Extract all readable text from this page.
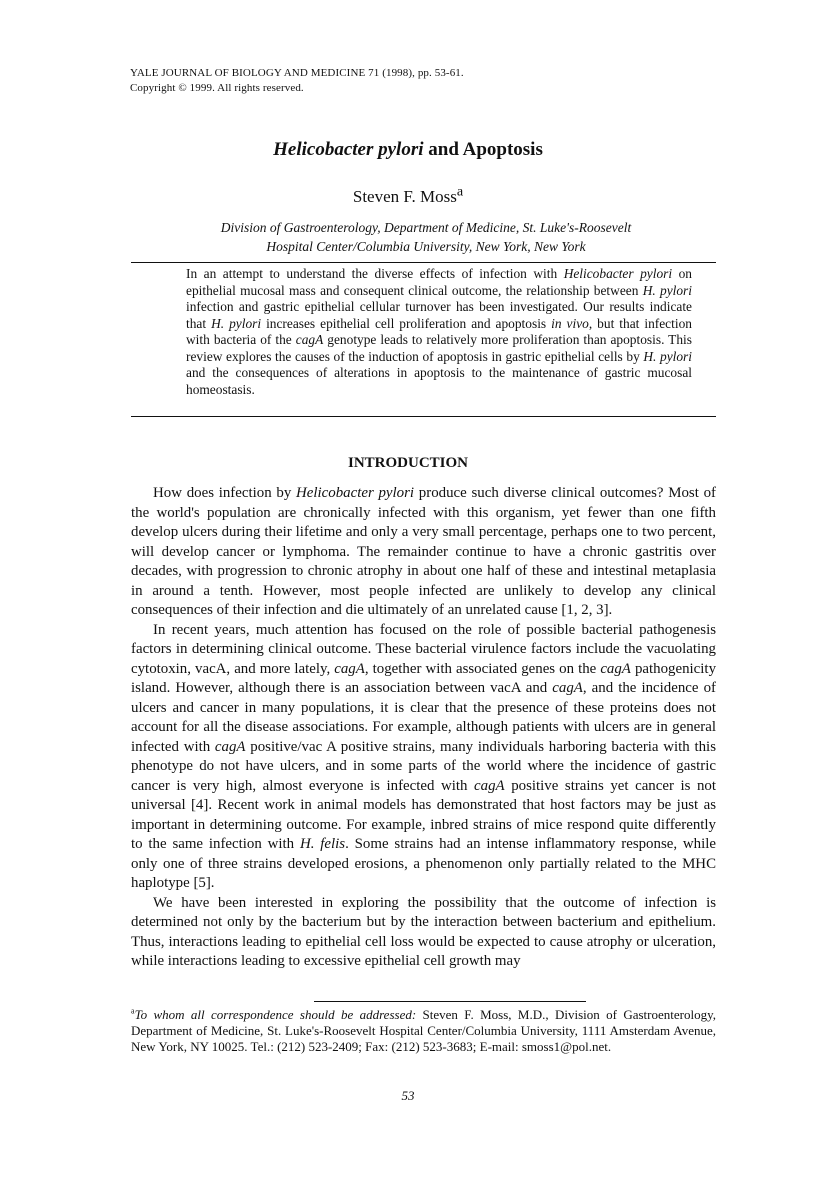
YALE JOURNAL OF BIOLOGY AND MEDICINE 71 (1998), pp. 53-61.
Copyright © 1999. All rights reserved.
Helicobacter pylori and Apoptosis
Steven F. Moss$^a$
Division of Gastroenterology, Department of Medicine, St. Luke's-Roosevelt
Hospital Center/Columbia University, New York, New York
In an attempt to understand the diverse effects of infection with Helicobacter pylori on epithelial mucosal mass and consequent clinical outcome, the relationship between H. pylori infection and gastric epithelial cellular turnover has been investigated. Our results indicate that H. pylori increases epithelial cell proliferation and apoptosis in vivo, but that infection with bacteria of the cagA genotype leads to relatively more proliferation than apoptosis. This review explores the causes of the induction of apoptosis in gastric epithelial cells by H. pylori and the consequences of alterations in apoptosis to the maintenance of gastric mucosal homeostasis.
INTRODUCTION

How does infection by Helicobacter pylori produce such diverse clinical outcomes? Most of the world's population are chronically infected with this organism, yet fewer than one fifth develop ulcers during their lifetime and only a very small percentage, perhaps one to two percent, will develop cancer or lymphoma. The remainder continue to have a chronic gastritis over decades, with progression to chronic atrophy in about one half of these and intestinal metaplasia in around a tenth. However, most people infected are unlikely to develop any clinical consequences of their infection and die ultimately of an unrelated cause [1, 2, 3].

In recent years, much attention has focused on the role of possible bacterial pathogenesis factors in determining clinical outcome. These bacterial virulence factors include the vacuolating cytotoxin, vacA, and more lately, cagA, together with associated genes on the cagA pathogenicity island. However, although there is an association between vacA and cagA, and the incidence of ulcers and cancer in many populations, it is clear that the presence of these proteins does not account for all the disease associations. For example, although patients with ulcers are in general infected with cagA positive/vac A positive strains, many individuals harboring bacteria with this phenotype do not have ulcers, and in some parts of the world where the incidence of gastric cancer is very high, almost everyone is infected with cagA positive strains yet cancer is not universal [4]. Recent work in animal models has demonstrated that host factors may be just as important in determining outcome. For example, inbred strains of mice respond quite differently to the same infection with H. felis. Some strains had an intense inflammatory response, while only one of three strains developed erosions, a phenomenon only partially related to the MHC haplotype [5].

We have been interested in exploring the possibility that the outcome of infection is determined not only by the bacterium but by the interaction between bacterium and epithelium. Thus, interactions leading to epithelial cell loss would be expected to cause atrophy or ulceration, while interactions leading to excessive epithelial cell growth may

$^a$To whom all correspondence should be addressed: Steven F. Moss, M.D., Division of Gastroenterology, Department of Medicine, St. Luke's-Roosevelt Hospital Center/Columbia University, 1111 Amsterdam Avenue, New York, NY 10025. Tel.: (212) 523-2409; Fax: (212) 523-3683; E-mail: smoss1@pol.net.
53
